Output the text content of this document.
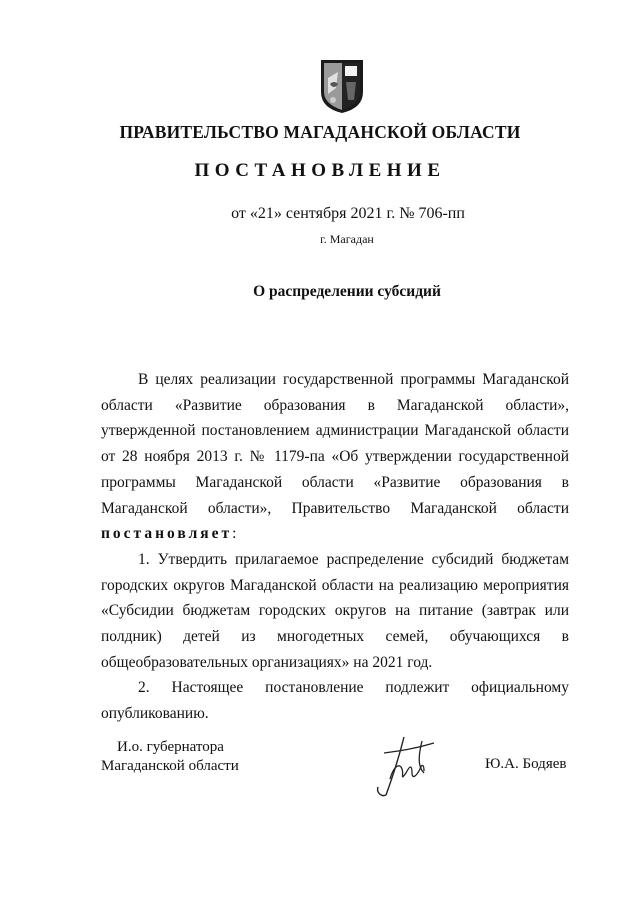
ПРАВИТЕЛЬСТВО МАГАДАНСКОЙ ОБЛАСТИ
ПОСТАНОВЛЕНИЕ
от «21» сентября 2021 г. № 706-пп
г. Магадан
О распределении субсидий

В целях реализации государственной программы Магаданской области «Развитие образования в Магаданской области», утвержденной постановлением администрации Магаданской области от 28 ноября 2013 г. № 1179-па «Об утверждении государственной программы Магаданской области «Развитие образования в Магаданской области», Правительство Магаданской области постановляет:

1. Утвердить прилагаемое распределение субсидий бюджетам городских округов Магаданской области на реализацию мероприятия «Субсидии бюджетам городских округов на питание (завтрак или полдник) детей из многодетных семей, обучающихся в общеобразовательных организациях» на 2021 год.

2. Настоящее постановление подлежит официальному опубликованию.

И.о. губернатора
Магаданской области	Ю.А. Бодяев
